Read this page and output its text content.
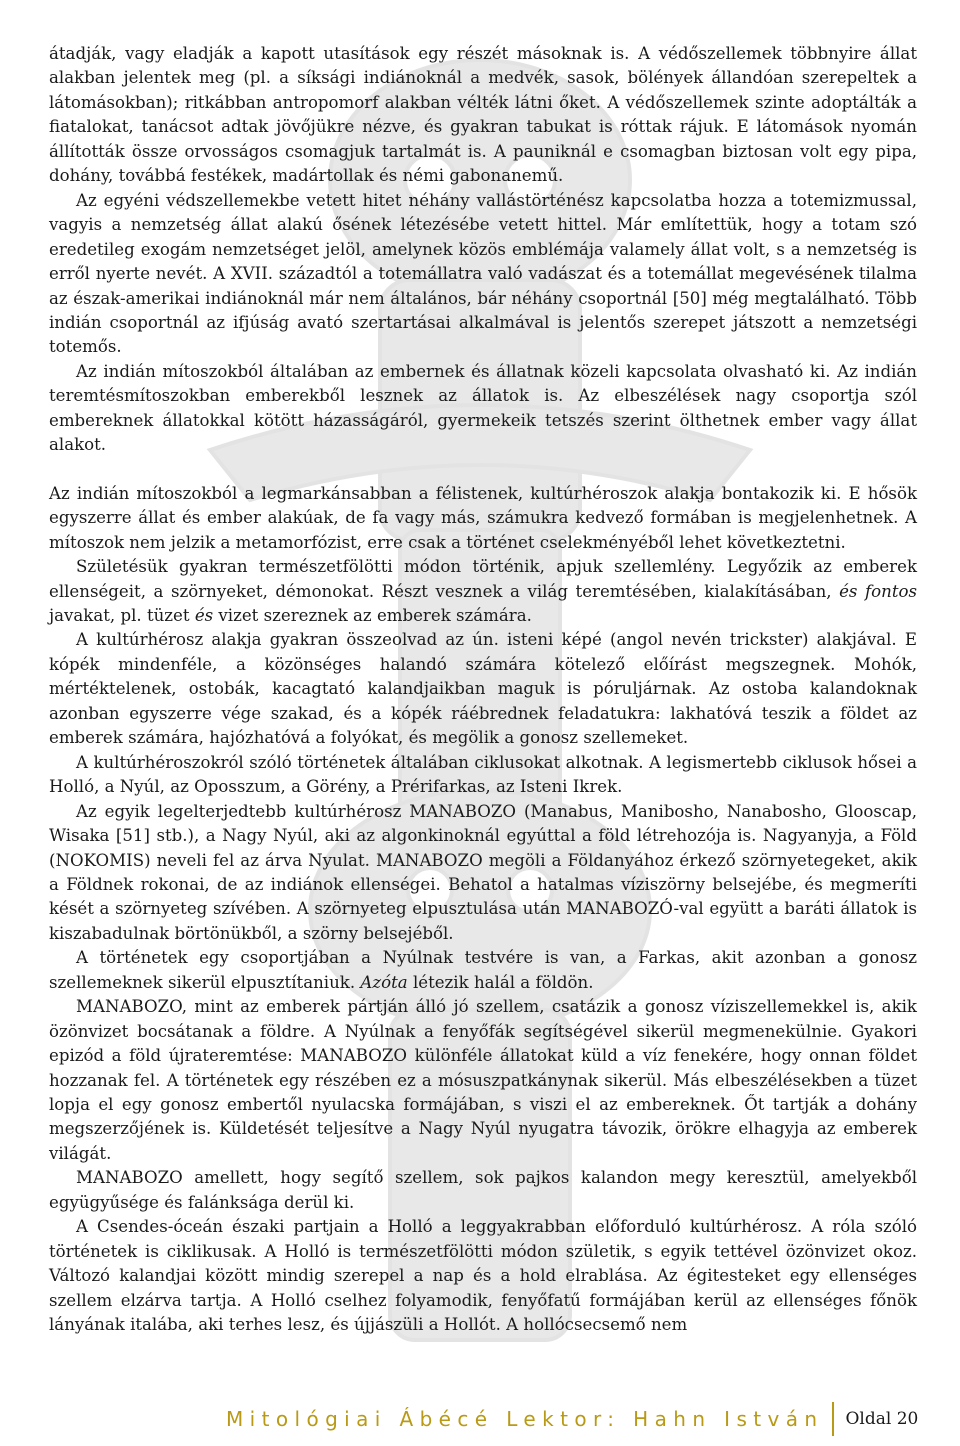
átadják, vagy eladják a kapott utasítások egy részét másoknak is. A védőszellemek többnyire állat alakban jelentek meg (pl. a síksági indiánoknál a medvék, sasok, bölények állandóan szerepeltek a látomásokban); ritkábban antropomorf alakban vélték látni őket. A védőszellemek szinte adoptálták a fiatalokat, tanácsot adtak jövőjükre nézve, és gyakran tabukat is róttak rájuk. E látomások nyomán állították össze orvosságos csomagjuk tartalmát is. A pauniknál e csomagban biztosan volt egy pipa, dohány, továbbá festékek, madártollak és némi gabonanemű.

Az egyéni védszellemekbe vetett hitet néhány vallástörténész kapcsolatba hozza a totemizmussal, vagyis a nemzetség állat alakú ősének létezésébe vetett hittel. Már említettük, hogy a totam szó eredetileg exogám nemzetséget jelöl, amelynek közös emblémája valamely állat volt, s a nemzetség is erről nyerte nevét. A XVII. századtól a totemállatra való vadászat és a totemállat megevésének tilalma az észak-amerikai indiánoknál már nem általános, bár néhány csoportnál [50] még megtalálható. Több indián csoportnál az ifjúság avató szertartásai alkalmával is jelentős szerepet játszott a nemzetségi totemős.

Az indián mítoszokból általában az embernek és állatnak közeli kapcsolata olvasható ki. Az indián teremtésmítoszokban emberekből lesznek az állatok is. Az elbeszélések nagy csoportja szól embereknek állatokkal kötött házasságáról, gyermekeik tetszés szerint ölthetnek ember vagy állat alakot.

Az indián mítoszokból a legmarkánsabban a félistenek, kultúrhéroszok alakja bontakozik ki. E hősök egyszerre állat és ember alakúak, de fa vagy más, számukra kedvező formában is megjelenhetnek. A mítoszok nem jelzik a metamorfózist, erre csak a történet cselekményéből lehet következtetni.

Születésük gyakran természetfölötti módon történik, apjuk szellemlény. Legyőzik az emberek ellenségeit, a szörnyeket, démonokat. Részt vesznek a világ teremtésében, kialakításában, és fontos javakat, pl. tüzet és vizet szereznek az emberek számára.

A kultúrhérosz alakja gyakran összeolvad az ún. isteni képé (angol nevén trickster) alakjával. E kópék mindenféle, a közönséges halandó számára kötelező előírást megszegnek. Mohók, mértéktelenek, ostobák, kacagtató kalandjaikban maguk is póruljárnak. Az ostoba kalandoknak azonban egyszerre vége szakad, és a kópék ráébrednek feladatukra: lakhatóvá teszik a földet az emberek számára, hajózhatóvá a folyókat, és megölik a gonosz szellemeket.

A kultúrhéroszokról szóló történetek általában ciklusokat alkotnak. A legismertebb ciklusok hősei a Holló, a Nyúl, az Oposszum, a Görény, a Prérifarkas, az Isteni Ikrek.

Az egyik legelterjedtebb kultúrhérosz MANABOZO (Manabus, Manibosho, Nanabosho, Glooscap, Wisaka [51] stb.), a Nagy Nyúl, aki az algonkinoknál egyúttal a föld létrehozója is. Nagyanyja, a Föld (NOKOMIS) neveli fel az árva Nyulat. MANABOZO megöli a Földanyához érkező szörnyetegeket, akik a Földnek rokonai, de az indiánok ellenségei. Behatol a hatalmas víziszörny belsejébe, és megmeríti kését a szörnyeteg szívében. A szörnyeteg elpusztulása után MANABOZÓ-val együtt a baráti állatok is kiszabadulnak börtönükből, a szörny belsejéből.

A történetek egy csoportjában a Nyúlnak testvére is van, a Farkas, akit azonban a gonosz szellemeknek sikerül elpusztítaniuk. Azóta létezik halál a földön.

MANABOZO, mint az emberek pártján álló jó szellem, csatázik a gonosz víziszellemekkel is, akik özönvizet bocsátanak a földre. A Nyúlnak a fenyőfák segítségével sikerül megmenekülnie. Gyakori epizód a föld újrateremtése: MANABOZO különféle állatokat küld a víz fenekére, hogy onnan földet hozzanak fel. A történetek egy részében ez a mósuszpatkánynak sikerül. Más elbeszélésekben a tüzet lopja el egy gonosz embertől nyulacska formájában, s viszi el az embereknek. Őt tartják a dohány megszerzőjének is. Küldetését teljesítve a Nagy Nyúl nyugatra távozik, örökre elhagyja az emberek világát.

MANABOZO amellett, hogy segítő szellem, sok pajkos kalandon megy keresztül, amelyekből együgyűsége és falánksága derül ki.

A Csendes-óceán északi partjain a Holló a leggyakrabban előforduló kultúrhérosz. A róla szóló történetek is ciklikusak. A Holló is természetfölötti módon születik, s egyik tettével özönvizet okoz. Változó kalandjai között mindig szerepel a nap és a hold elrablása. Az égitesteket egy ellenséges szellem elzárva tartja. A Holló cselhez folyamodik, fenyőfatű formájában kerül az ellenséges főnök lányának italába, aki terhes lesz, és újjászüli a Hollót. A hollócsecsemő nem

Mitológiai Ábécé Lektor: Hahn István Oldal 20
